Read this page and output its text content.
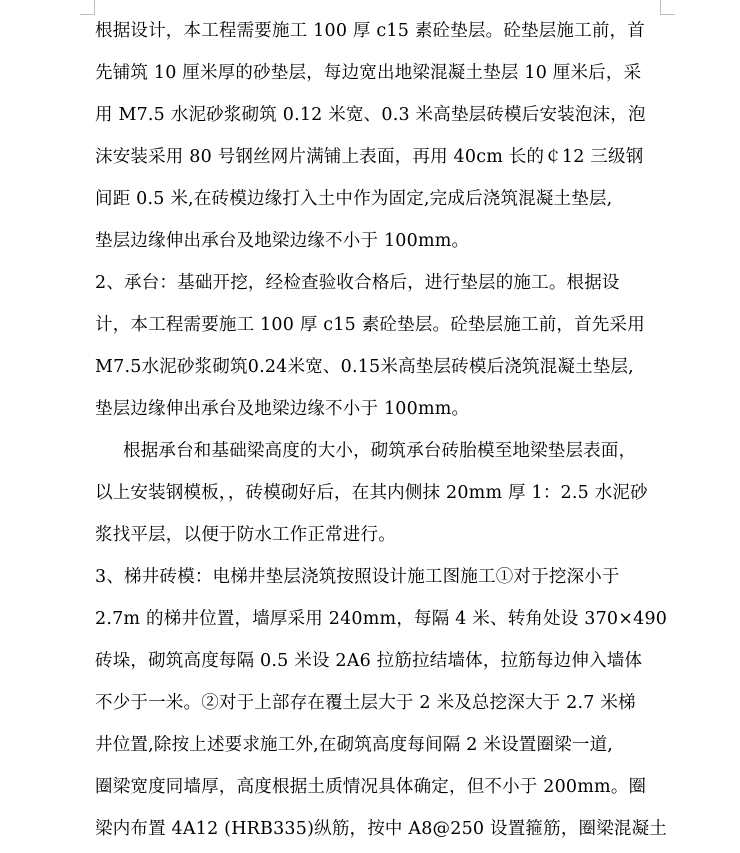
根据设计，本工程需要施工 100 厚 c15 素砼垫层。砼垫层施工前，首
先铺筑 10 厘米厚的砂垫层，每边宽出地梁混凝土垫层 10 厘米后，采
用 M7.5 水泥砂浆砌筑 0.12 米宽、0.3 米高垫层砖模后安装泡沫，泡
沫安装采用 80 号钢丝网片满铺上表面，再用 40cm 长的￠12 三级钢
间距 0.5 米,在砖模边缘打入土中作为固定,完成后浇筑混凝土垫层,
垫层边缘伸出承台及地梁边缘不小于 100mm。
2、承台：基础开挖，经检查验收合格后，进行垫层的施工。根据设
计，本工程需要施工 100 厚 c15 素砼垫层。砼垫层施工前，首先采用
M7.5水泥砂浆砌筑0.24米宽、0.15米高垫层砖模后浇筑混凝土垫层,
垫层边缘伸出承台及地梁边缘不小于 100mm。
根据承台和基础梁高度的大小，砌筑承台砖胎模至地梁垫层表面，
以上安装钢模板，，砖模砌好后，在其内侧抹 20mm 厚 1：2.5 水泥砂
浆找平层，以便于防水工作正常进行。
3、梯井砖模：电梯井垫层浇筑按照设计施工图施工①对于挖深小于
2.7m 的梯井位置，墙厚采用 240mm，每隔 4 米、转角处设 370×490
砖垛，砌筑高度每隔 0.5 米设 2A6 拉筋拉结墙体，拉筋每边伸入墙体
不少于一米。②对于上部存在覆土层大于 2 米及总挖深大于 2.7 米梯
井位置,除按上述要求施工外,在砌筑高度每间隔 2 米设置圈梁一道,
圈梁宽度同墙厚，高度根据土质情况具体确定，但不小于 200mm。圈
梁内布置 4A12 (HRB335)纵筋，按中 A8@250 设置箍筋，圈梁混凝土
